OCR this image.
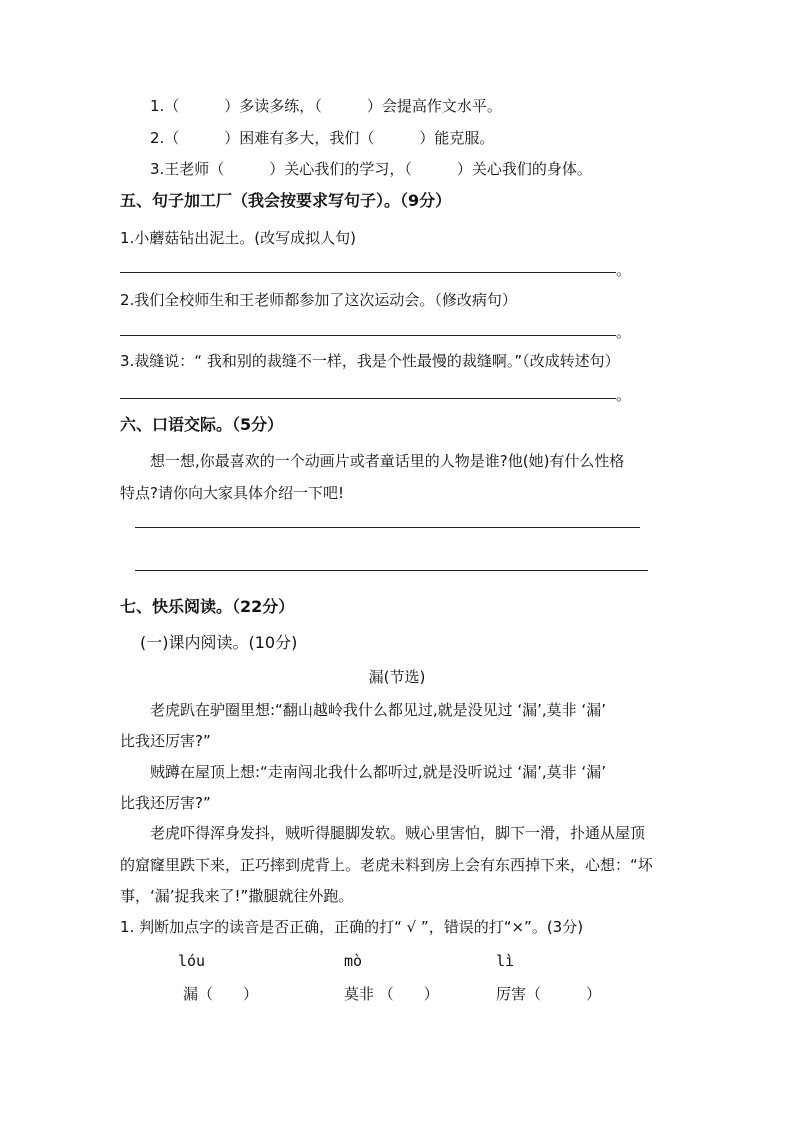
1.（　　　）多读多练，（　　　）会提高作文水平。
2.（　　　）困难有多大，我们（　　　）能克服。
3.王老师（　　　）关心我们的学习，（　　　）关心我们的身体。
五、句子加工厂（我会按要求写句子）。（9分）
1.小蘑菇钻出泥土。(改写成拟人句)
。
2.我们全校师生和王老师都参加了这次运动会。（修改病句）
。
3.裁缝说：“ 我和别的裁缝不一样，我是个性最慢的裁缝啊。”（改成转述句）
。
六、口语交际。（5分）
想一想,你最喜欢的一个动画片或者童话里的人物是谁?他(她)有什么性格
特点?请你向大家具体介绍一下吧!
七、快乐阅读。（22分）
(一)课内阅读。(10分)
漏(节选)
老虎趴在驴圈里想:“翻山越岭我什么都见过,就是没见过 ‘漏’,莫非 ‘漏’
比我还厉害?”
贼蹲在屋顶上想:“走南闯北我什么都听过,就是没听说过 ‘漏’,莫非 ‘漏’
比我还厉害?”
老虎吓得浑身发抖，贼听得腿脚发软。贼心里害怕，脚下一滑，扑通从屋顶
的窟窿里跌下来，正巧摔到虎背上。老虎未料到房上会有东西掉下来，心想：“坏
事，‘漏’捉我来了!”撒腿就往外跑。
1. 判断加点字的读音是否正确，正确的打“ √ ”，错误的打“×”。(3分)
lóu	mò	lì
漏（　　）	莫非 （　　）	厉害（　　　）
